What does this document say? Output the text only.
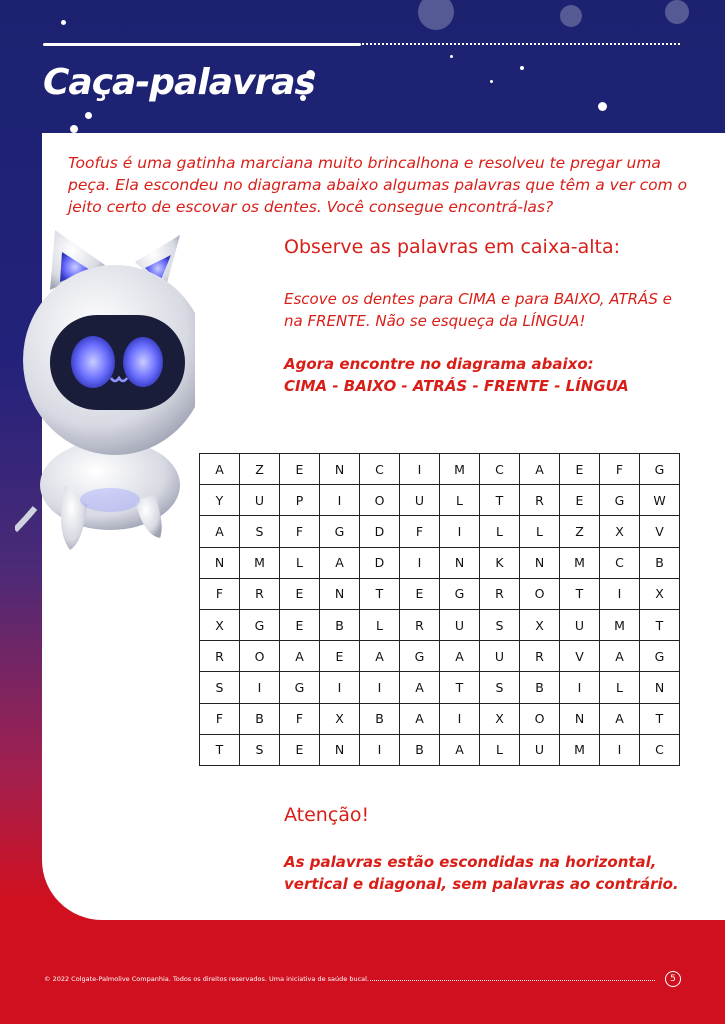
Caça-palavras
Toofus é uma gatinha marciana muito brincalhona e resolveu te pregar uma peça. Ela escondeu no diagrama abaixo algumas palavras que têm a ver com o jeito certo de escovar os dentes. Você consegue encontrá-las?
Observe as palavras em caixa-alta:
Escove os dentes para CIMA e para BAIXO, ATRÁS e na FRENTE. Não se esqueça da LÍNGUA!
Agora encontre no diagrama abaixo:
CIMA - BAIXO - ATRÁS - FRENTE - LÍNGUA
A	Z	E	N	C	I	M	C	A	E	F	G
Y	U	P	I	O	U	L	T	R	E	G	W
A	S	F	G	D	F	I	L	L	Z	X	V
N	M	L	A	D	I	N	K	N	M	C	B
F	R	E	N	T	E	G	R	O	T	I	X
X	G	E	B	L	R	U	S	X	U	M	T
R	O	A	E	A	G	A	U	R	V	A	G
S	I	G	I	I	A	T	S	B	I	L	N
F	B	F	X	B	A	I	X	O	N	A	T
T	S	E	N	I	B	A	L	U	M	I	C
Atenção!
As palavras estão escondidas na horizontal, vertical e diagonal, sem palavras ao contrário.
© 2022 Colgate-Palmolive Companhia. Todos os direitos reservados. Uma iniciativa de saúde bucal.	5
